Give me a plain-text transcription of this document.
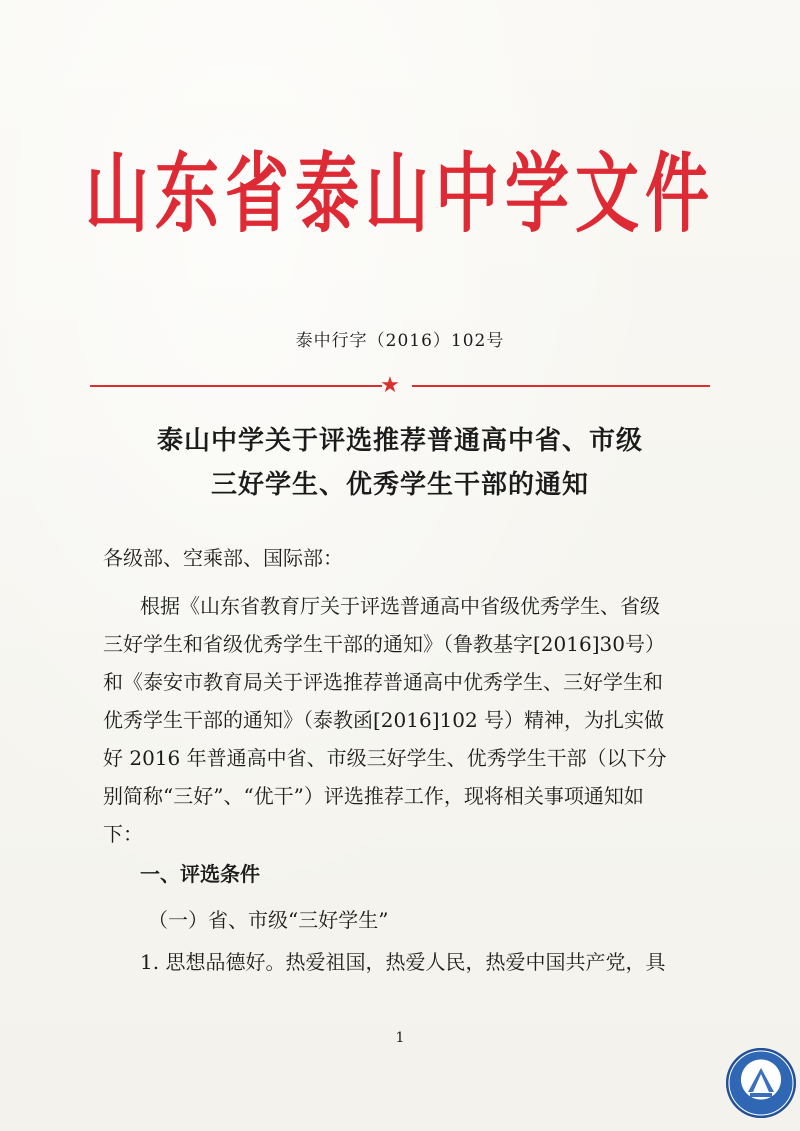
山东省泰山中学文件
泰中行字（2016）102号
★
泰山中学关于评选推荐普通高中省、市级
三好学生、优秀学生干部的通知
各级部、空乘部、国际部：
根据《山东省教育厅关于评选普通高中省级优秀学生、省级
三好学生和省级优秀学生干部的通知》（鲁教基字[2016]30号）
和《泰安市教育局关于评选推荐普通高中优秀学生、三好学生和
优秀学生干部的通知》（泰教函[2016]102 号）精神，为扎实做
好 2016 年普通高中省、市级三好学生、优秀学生干部（以下分
别简称“三好”、“优干”）评选推荐工作，现将相关事项通知如
下：
一、评选条件
（一）省、市级“三好学生”
1. 思想品德好。热爱祖国，热爱人民，热爱中国共产党，具
1
